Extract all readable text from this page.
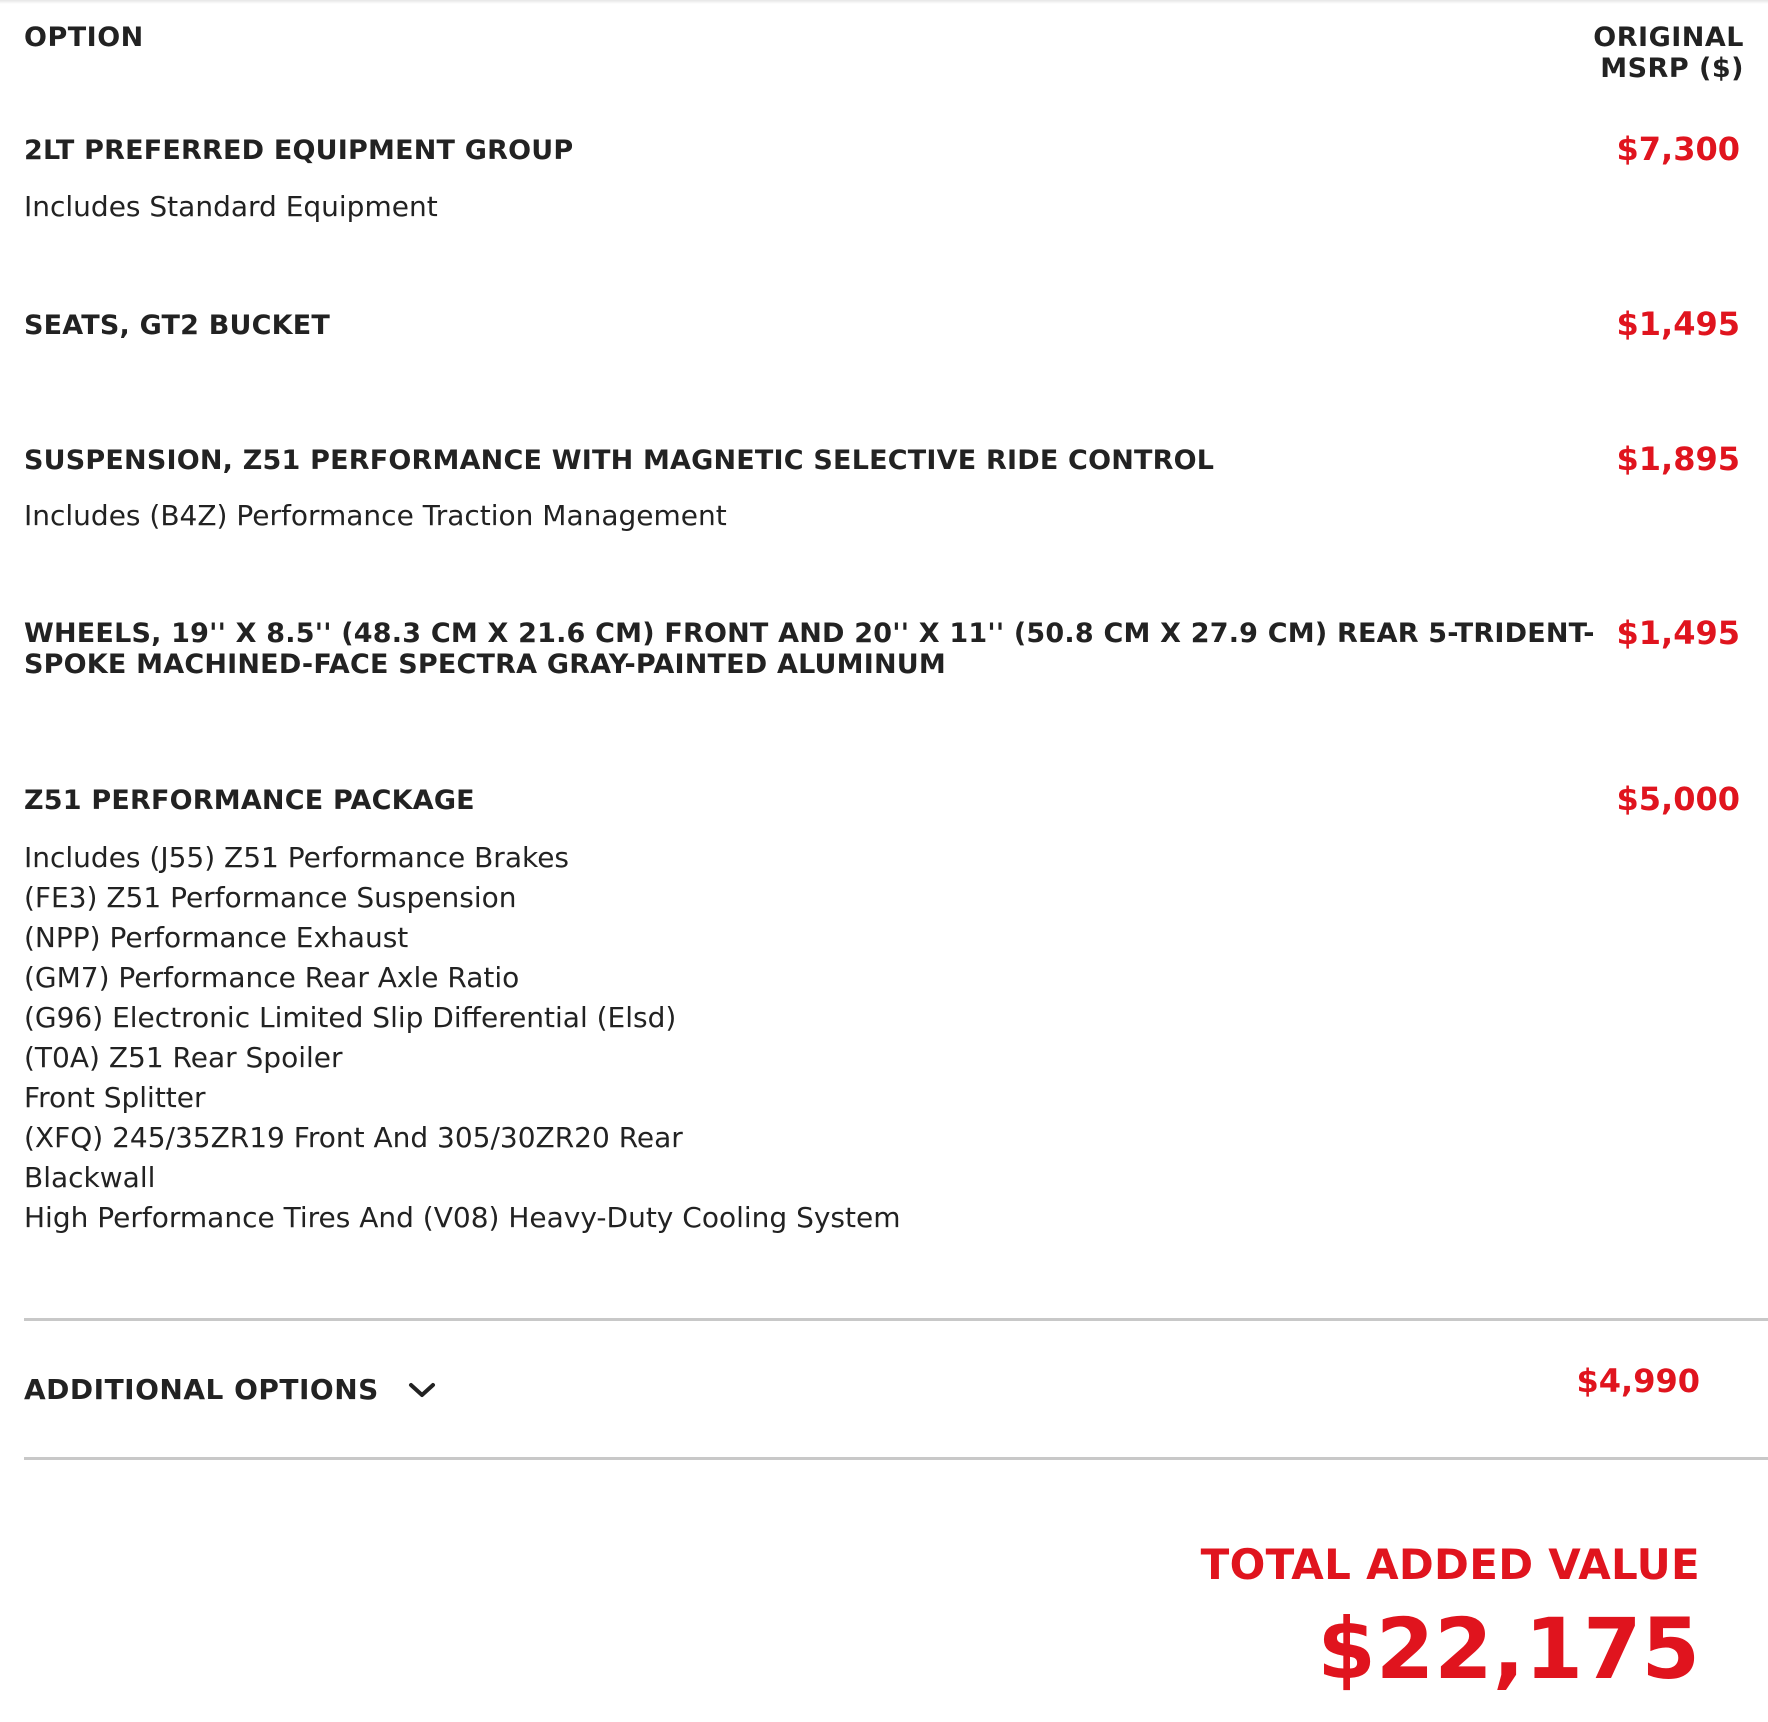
OPTION	ORIGINAL
MSRP ($)
2LT PREFERRED EQUIPMENT GROUP	$7,300
Includes Standard Equipment
SEATS, GT2 BUCKET	$1,495
SUSPENSION, Z51 PERFORMANCE WITH MAGNETIC SELECTIVE RIDE CONTROL	$1,895
Includes (B4Z) Performance Traction Management
WHEELS, 19'' X 8.5'' (48.3 CM X 21.6 CM) FRONT AND 20'' X 11'' (50.8 CM X 27.9 CM) REAR 5-TRIDENT-
SPOKE MACHINED-FACE SPECTRA GRAY-PAINTED ALUMINUM
$1,495
Z51 PERFORMANCE PACKAGE	$5,000
Includes (J55) Z51 Performance Brakes
(FE3) Z51 Performance Suspension
(NPP) Performance Exhaust
(GM7) Performance Rear Axle Ratio
(G96) Electronic Limited Slip Differential (Elsd)
(T0A) Z51 Rear Spoiler
Front Splitter
(XFQ) 245/35ZR19 Front And 305/30ZR20 Rear
Blackwall
High Performance Tires And (V08) Heavy-Duty Cooling System
ADDITIONAL OPTIONS	$4,990
TOTAL ADDED VALUE
$22,175
